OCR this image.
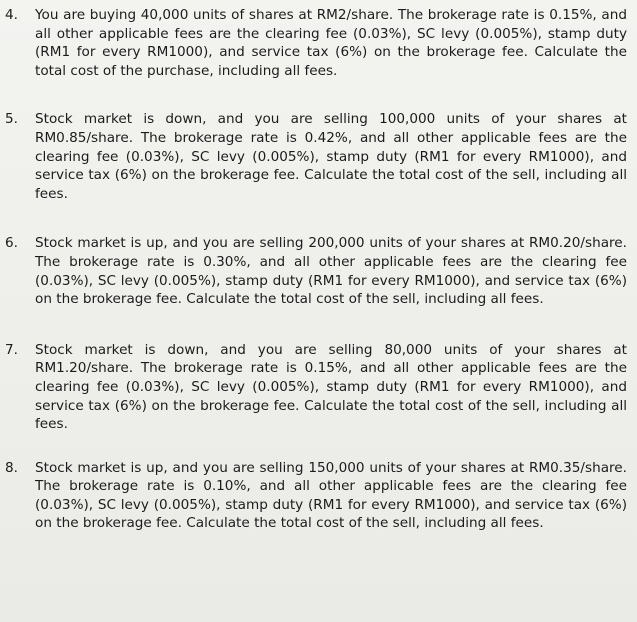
4.	You are buying 40,000 units of shares at RM2/share. The brokerage rate is 0.15%, and all other applicable fees are the clearing fee (0.03%), SC levy (0.005%), stamp duty (RM1 for every RM1000), and service tax (6%) on the brokerage fee. Calculate the total cost of the purchase, including all fees.
5.	Stock market is down, and you are selling 100,000 units of your shares at RM0.85/share. The brokerage rate is 0.42%, and all other applicable fees are the clearing fee (0.03%), SC levy (0.005%), stamp duty (RM1 for every RM1000), and service tax (6%) on the brokerage fee. Calculate the total cost of the sell, including all fees.
6.	Stock market is up, and you are selling 200,000 units of your shares at RM0.20/share. The brokerage rate is 0.30%, and all other applicable fees are the clearing fee (0.03%), SC levy (0.005%), stamp duty (RM1 for every RM1000), and service tax (6%) on the brokerage fee. Calculate the total cost of the sell, including all fees.
7.	Stock market is down, and you are selling 80,000 units of your shares at RM1.20/share. The brokerage rate is 0.15%, and all other applicable fees are the clearing fee (0.03%), SC levy (0.005%), stamp duty (RM1 for every RM1000), and service tax (6%) on the brokerage fee. Calculate the total cost of the sell, including all fees.
8.	Stock market is up, and you are selling 150,000 units of your shares at RM0.35/share. The brokerage rate is 0.10%, and all other applicable fees are the clearing fee (0.03%), SC levy (0.005%), stamp duty (RM1 for every RM1000), and service tax (6%) on the brokerage fee. Calculate the total cost of the sell, including all fees.
